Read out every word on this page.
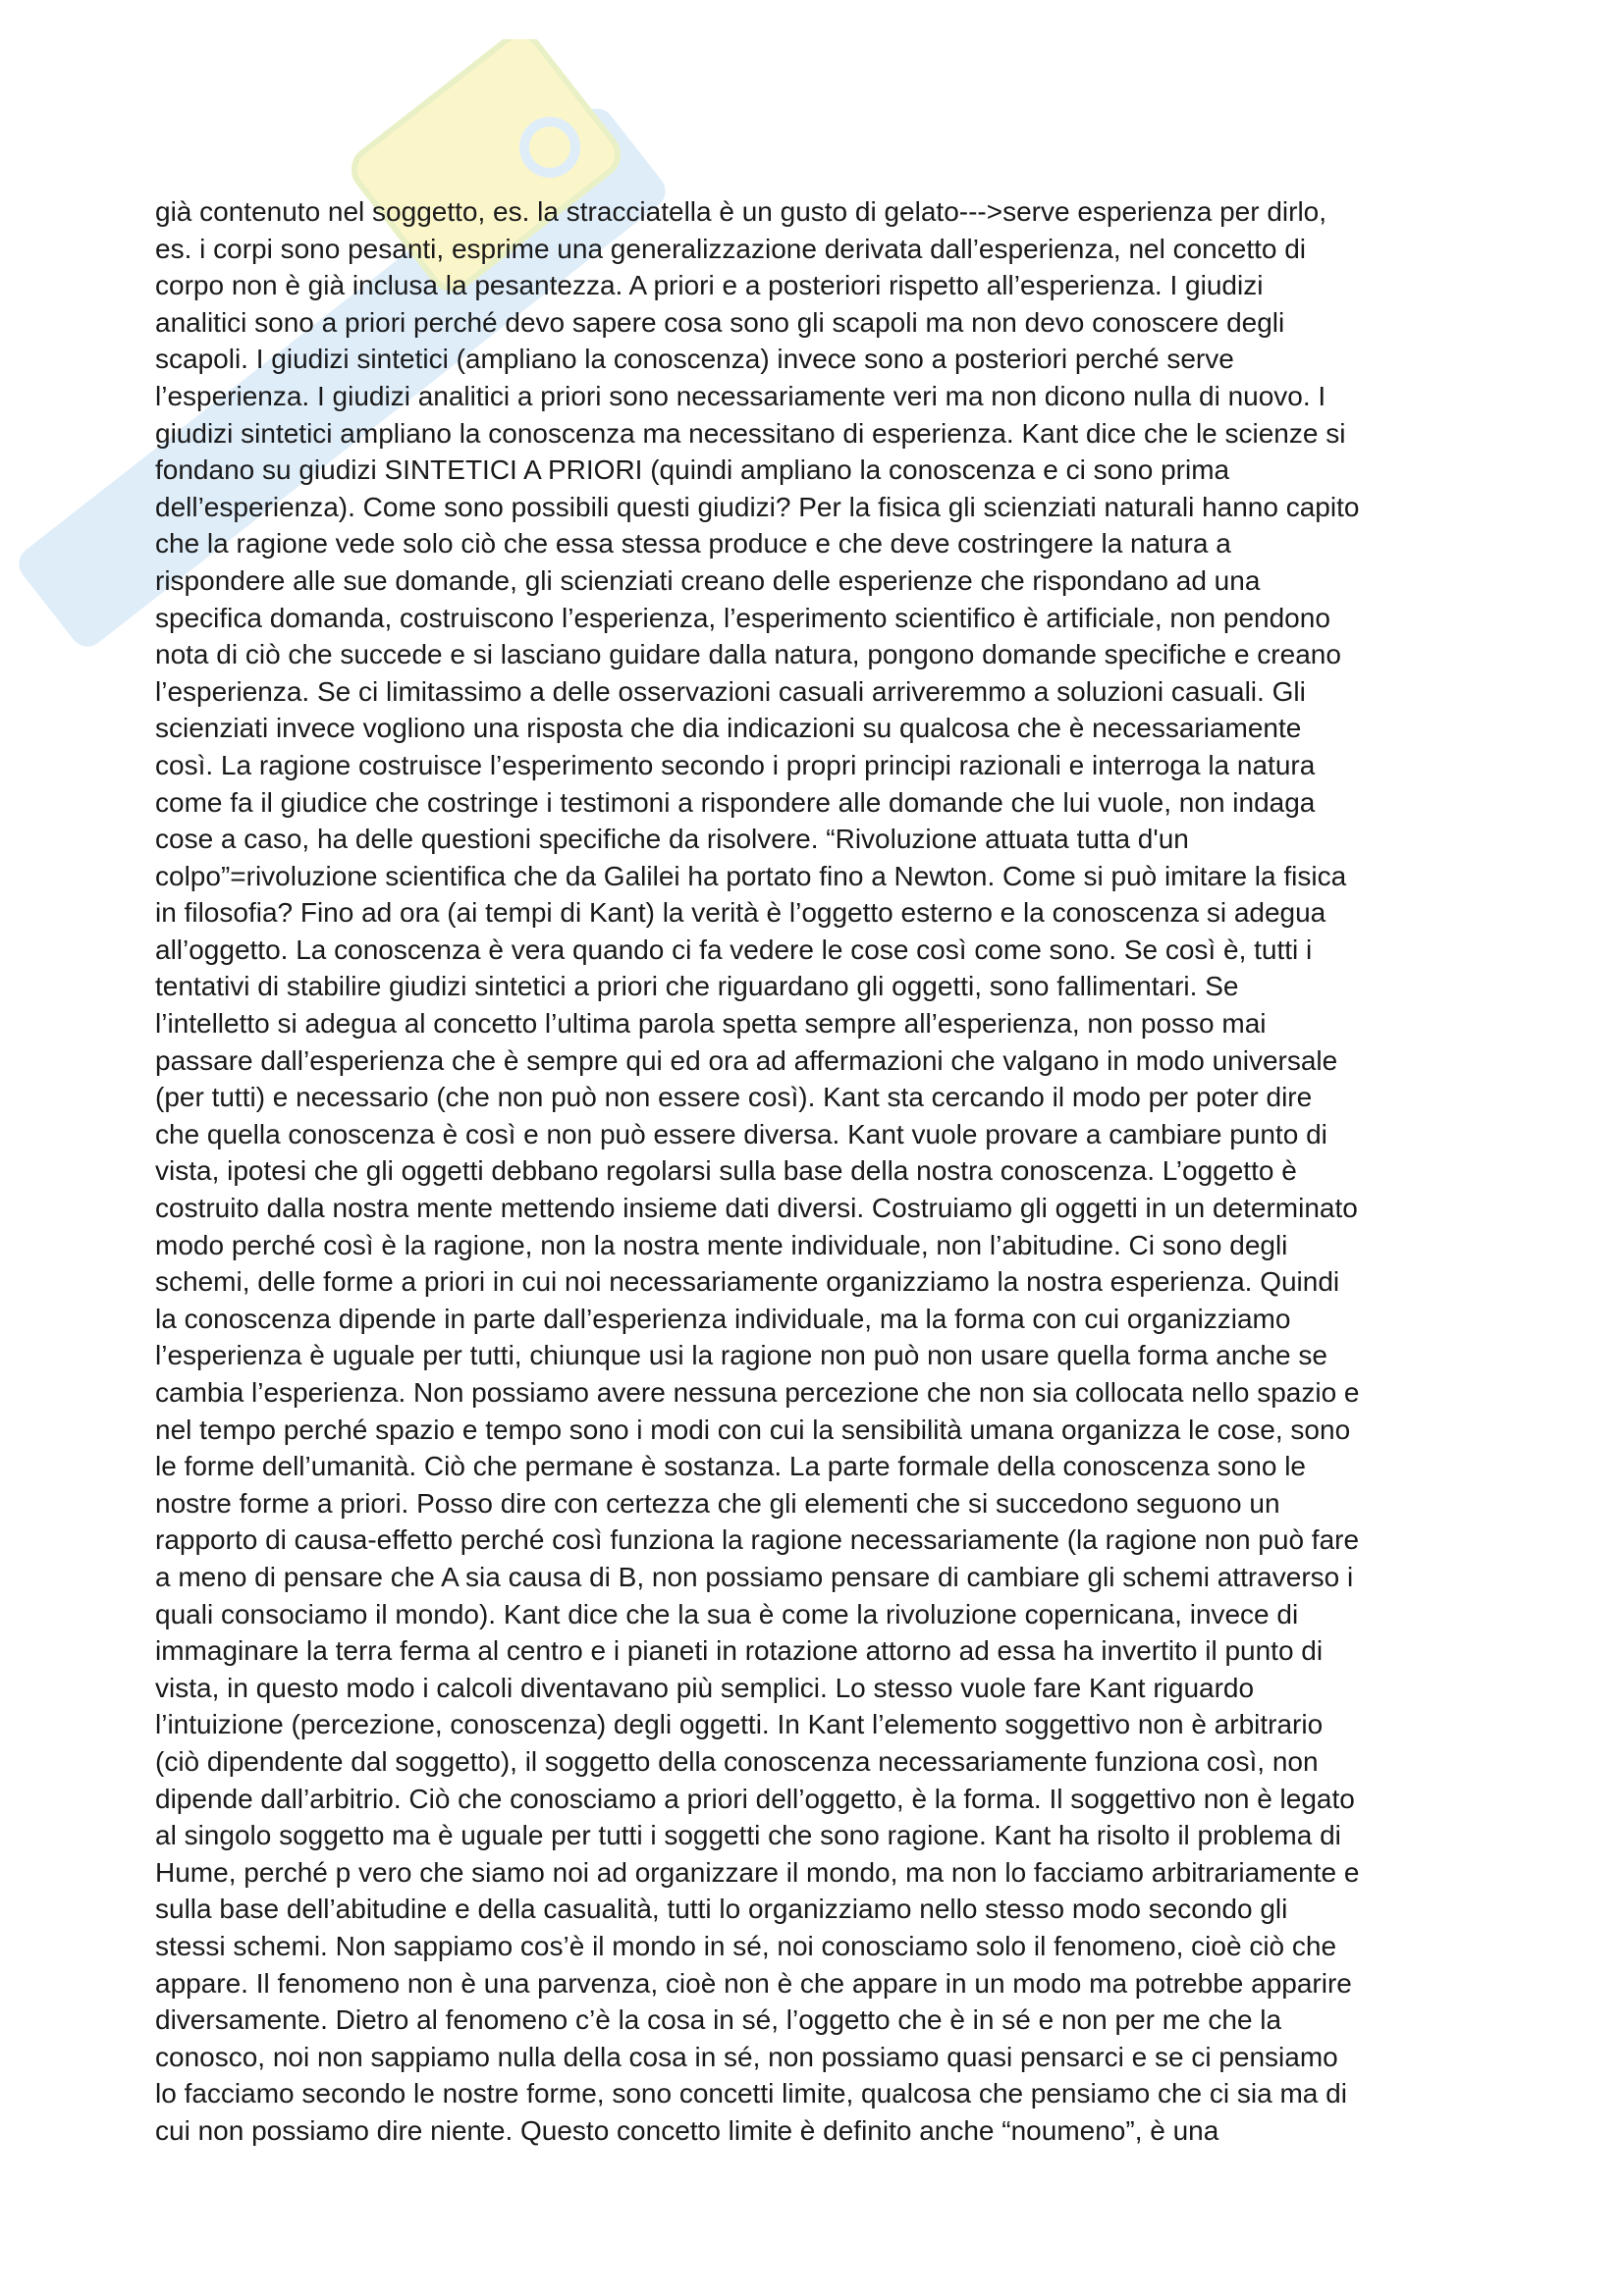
già contenuto nel soggetto, es. la stracciatella è un gusto di gelato--->serve esperienza per dirlo,
es. i corpi sono pesanti, esprime una generalizzazione derivata dall’esperienza, nel concetto di
corpo non è già inclusa la pesantezza. A priori e a posteriori rispetto all’esperienza. I giudizi
analitici sono a priori perché devo sapere cosa sono gli scapoli ma non devo conoscere degli
scapoli. I giudizi sintetici (ampliano la conoscenza) invece sono a posteriori perché serve
l’esperienza. I giudizi analitici a priori sono necessariamente veri ma non dicono nulla di nuovo. I
giudizi sintetici ampliano la conoscenza ma necessitano di esperienza. Kant dice che le scienze si
fondano su giudizi SINTETICI A PRIORI (quindi ampliano la conoscenza e ci sono prima
dell’esperienza). Come sono possibili questi giudizi? Per la fisica gli scienziati naturali hanno capito
che la ragione vede solo ciò che essa stessa produce e che deve costringere la natura a
rispondere alle sue domande, gli scienziati creano delle esperienze che rispondano ad una
specifica domanda, costruiscono l’esperienza, l’esperimento scientifico è artificiale, non pendono
nota di ciò che succede e si lasciano guidare dalla natura, pongono domande specifiche e creano
l’esperienza. Se ci limitassimo a delle osservazioni casuali arriveremmo a soluzioni casuali. Gli
scienziati invece vogliono una risposta che dia indicazioni su qualcosa che è necessariamente
così. La ragione costruisce l’esperimento secondo i propri principi razionali e interroga la natura
come fa il giudice che costringe i testimoni a rispondere alle domande che lui vuole, non indaga
cose a caso, ha delle questioni specifiche da risolvere. “Rivoluzione attuata tutta d'un
colpo”=rivoluzione scientifica che da Galilei ha portato fino a Newton. Come si può imitare la fisica
in filosofia? Fino ad ora (ai tempi di Kant) la verità è l’oggetto esterno e la conoscenza si adegua
all’oggetto. La conoscenza è vera quando ci fa vedere le cose così come sono. Se così è, tutti i
tentativi di stabilire giudizi sintetici a priori che riguardano gli oggetti, sono fallimentari. Se
l’intelletto si adegua al concetto l’ultima parola spetta sempre all’esperienza, non posso mai
passare dall’esperienza che è sempre qui ed ora ad affermazioni che valgano in modo universale
(per tutti) e necessario (che non può non essere così). Kant sta cercando il modo per poter dire
che quella conoscenza è così e non può essere diversa. Kant vuole provare a cambiare punto di
vista, ipotesi che gli oggetti debbano regolarsi sulla base della nostra conoscenza. L’oggetto è
costruito dalla nostra mente mettendo insieme dati diversi. Costruiamo gli oggetti in un determinato
modo perché così è la ragione, non la nostra mente individuale, non l’abitudine. Ci sono degli
schemi, delle forme a priori in cui noi necessariamente organizziamo la nostra esperienza. Quindi
la conoscenza dipende in parte dall’esperienza individuale, ma la forma con cui organizziamo
l’esperienza è uguale per tutti, chiunque usi la ragione non può non usare quella forma anche se
cambia l’esperienza. Non possiamo avere nessuna percezione che non sia collocata nello spazio e
nel tempo perché spazio e tempo sono i modi con cui la sensibilità umana organizza le cose, sono
le forme dell’umanità. Ciò che permane è sostanza. La parte formale della conoscenza sono le
nostre forme a priori. Posso dire con certezza che gli elementi che si succedono seguono un
rapporto di causa-effetto perché così funziona la ragione necessariamente (la ragione non può fare
a meno di pensare che A sia causa di B, non possiamo pensare di cambiare gli schemi attraverso i
quali consociamo il mondo). Kant dice che la sua è come la rivoluzione copernicana, invece di
immaginare la terra ferma al centro e i pianeti in rotazione attorno ad essa ha invertito il punto di
vista, in questo modo i calcoli diventavano più semplici. Lo stesso vuole fare Kant riguardo
l’intuizione (percezione, conoscenza) degli oggetti. In Kant l’elemento soggettivo non è arbitrario
(ciò dipendente dal soggetto), il soggetto della conoscenza necessariamente funziona così, non
dipende dall’arbitrio. Ciò che conosciamo a priori dell’oggetto, è la forma. Il soggettivo non è legato
al singolo soggetto ma è uguale per tutti i soggetti che sono ragione. Kant ha risolto il problema di
Hume, perché p vero che siamo noi ad organizzare il mondo, ma non lo facciamo arbitrariamente e
sulla base dell’abitudine e della casualità, tutti lo organizziamo nello stesso modo secondo gli
stessi schemi. Non sappiamo cos’è il mondo in sé, noi conosciamo solo il fenomeno, cioè ciò che
appare. Il fenomeno non è una parvenza, cioè non è che appare in un modo ma potrebbe apparire
diversamente. Dietro al fenomeno c’è la cosa in sé, l’oggetto che è in sé e non per me che la
conosco, noi non sappiamo nulla della cosa in sé, non possiamo quasi pensarci e se ci pensiamo
lo facciamo secondo le nostre forme, sono concetti limite, qualcosa che pensiamo che ci sia ma di
cui non possiamo dire niente. Questo concetto limite è definito anche “noumeno”, è una
